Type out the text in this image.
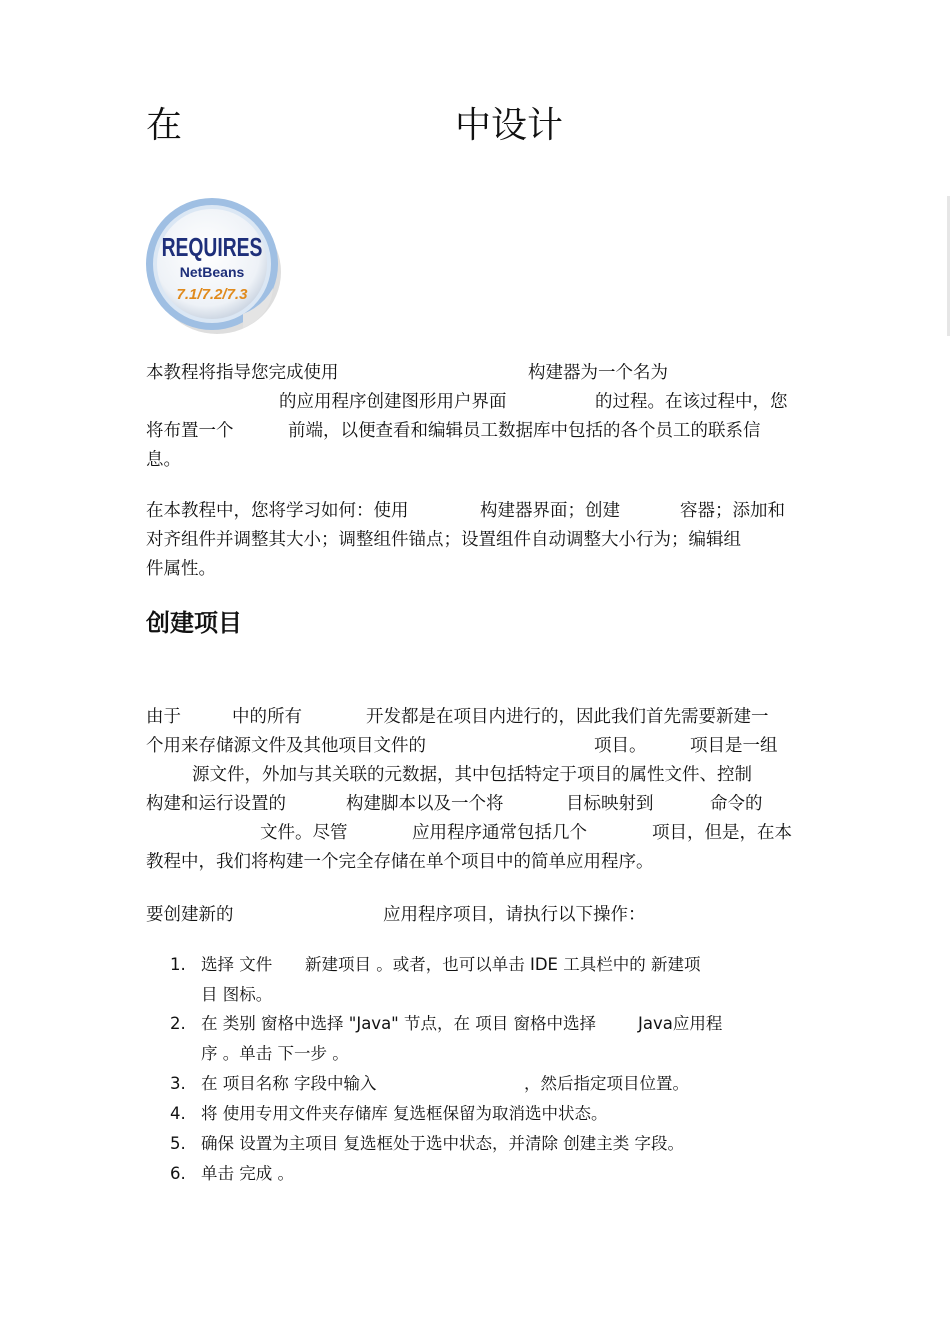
在	中设计
REQUIRES
NetBeans
7.1/7.2/7.3
本教程将指导您完成使用	构建器为一个名为
的应用程序创建图形用户界面	的过程。在该过程中，您
将布置一个	前端，以便查看和编辑员工数据库中包括的各个员工的联系信
息。
在本教程中，您将学习如何：使用	构建器界面；创建	容器；添加和
对齐组件并调整其大小；调整组件锚点；设置组件自动调整大小行为；编辑组
件属性。
创建项目
由于	中的所有	开发都是在项目内进行的，因此我们首先需要新建一
个用来存储源文件及其他项目文件的	项目。 项目是一组
源文件，外加与其关联的元数据，其中包括特定于项目的属性文件、控制
构建和运行设置的	构建脚本以及一个将	目标映射到	命令的
文件。尽管	应用程序通常包括几个	项目，但是，在本
教程中，我们将构建一个完全存储在单个项目中的简单应用程序。
要创建新的	应用程序项目，请执行以下操作：
1. 选择 文件 新建项目 。或者，也可以单击 IDE 工具栏中的 新建项
目 图标。
2. 在 类别 窗格中选择 "Java" 节点，在 项目 窗格中选择	Java应用程
序 。单击 下一步 。
3. 在 项目名称 字段中输入	，然后指定项目位置。
4. 将 使用专用文件夹存储库 复选框保留为取消选中状态。
5. 确保 设置为主项目 复选框处于选中状态，并清除 创建主类 字段。
6. 单击 完成 。
